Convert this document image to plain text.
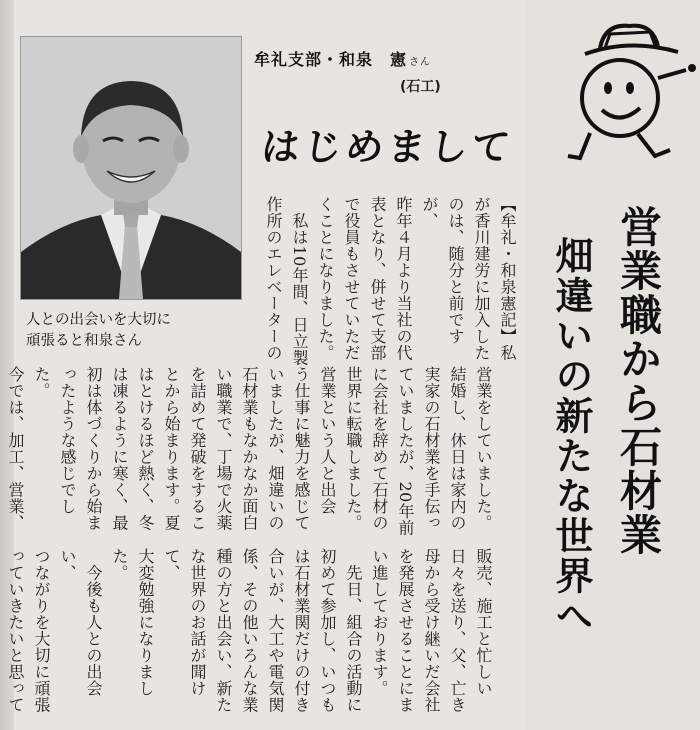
人との出会いを大切に
頑張ると和泉さん
牟礼支部・和泉　憲 さん
(石工)
はじめまして
営業職から石材業
畑違いの新たな世界へ
【牟礼・和泉憲記】私
が香川建労に加入した
のは、随分と前ですが、
昨年４月より当社の代
表となり、併せて支部
で役員もさせていただ
くことになりました。
　私は10年間、日立製
作所のエレベーターの
営業をしていました。
結婚し、休日は家内の
実家の石材業を手伝っ
ていましたが、20年前
に会社を辞めて石材の
世界に転職しました。
営業という人と出会
う仕事に魅力を感じて
いましたが、畑違いの
石材業もなかなか面白
い職業で、丁場で火薬
を詰めて発破をするこ
とから始まります。夏
はとけるほど熱く、冬
は凍るように寒く、最
初は体づくりから始ま
ったような感じでした。
今では、加工、営業、
販売、施工と忙しい
日々を送り、父、亡き
母から受け継いだ会社
を発展させることにま
い進しております。
　先日、組合の活動に
初めて参加し、いつも
は石材業関だけの付き
合いが、大工や電気関
係、その他いろんな業
種の方と出会い、新た
な世界のお話が聞けて、
大変勉強になりました。
　今後も人との出会い、
つながりを大切に頑張
っていきたいと思って
